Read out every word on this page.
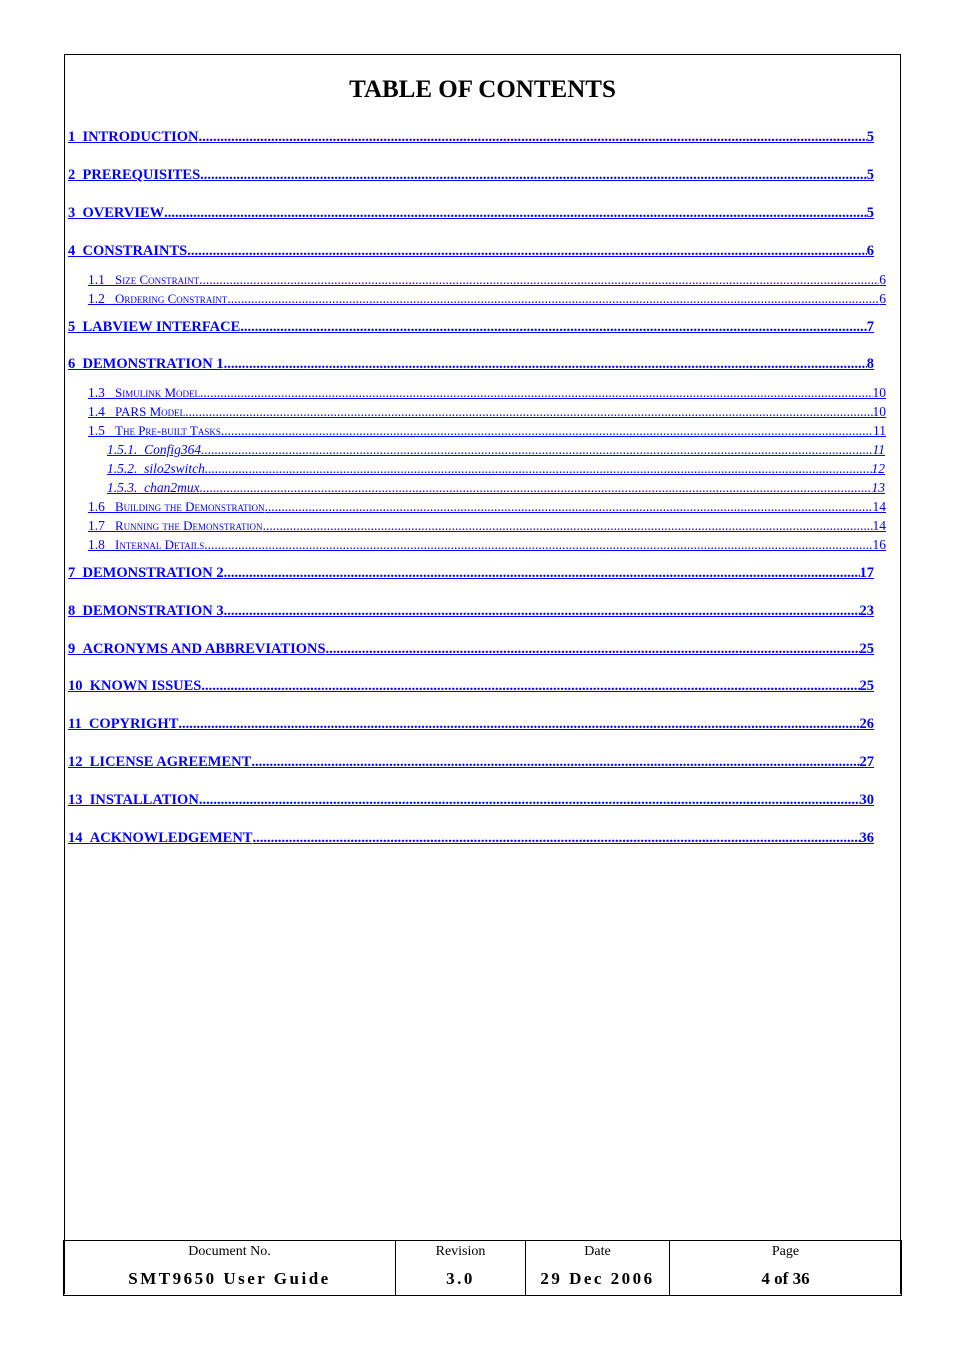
TABLE OF CONTENTS
1 INTRODUCTION .....	5
2 PREREQUISITES .....	5
3 OVERVIEW .....	5
4 CONSTRAINTS .....	6
1.1 Size Constraint .....	6
1.2 Ordering Constraint .....	6
5 LABVIEW INTERFACE .....	7
6 DEMONSTRATION 1 .....	8
1.3 Simulink Model .....	10
1.4 PARS Model .....	10
1.5 The Pre-built Tasks .....	11
1.5.1. Config364 .....	11
1.5.2. silo2switch .....	12
1.5.3. chan2mux .....	13
1.6 Building the Demonstration .....	14
1.7 Running the Demonstration .....	14
1.8 Internal Details .....	16
7 DEMONSTRATION 2 .....	17
8 DEMONSTRATION 3 .....	23
9 ACRONYMS AND ABBREVIATIONS .....	25
10 KNOWN ISSUES .....	25
11 COPYRIGHT .....	26
12 LICENSE AGREEMENT .....	27
13 INSTALLATION .....	30
14 ACKNOWLEDGEMENT .....	36
Document No.	Revision	Date	Page
SMT9650 User Guide	3.0	29 Dec 2006	4 of 36
